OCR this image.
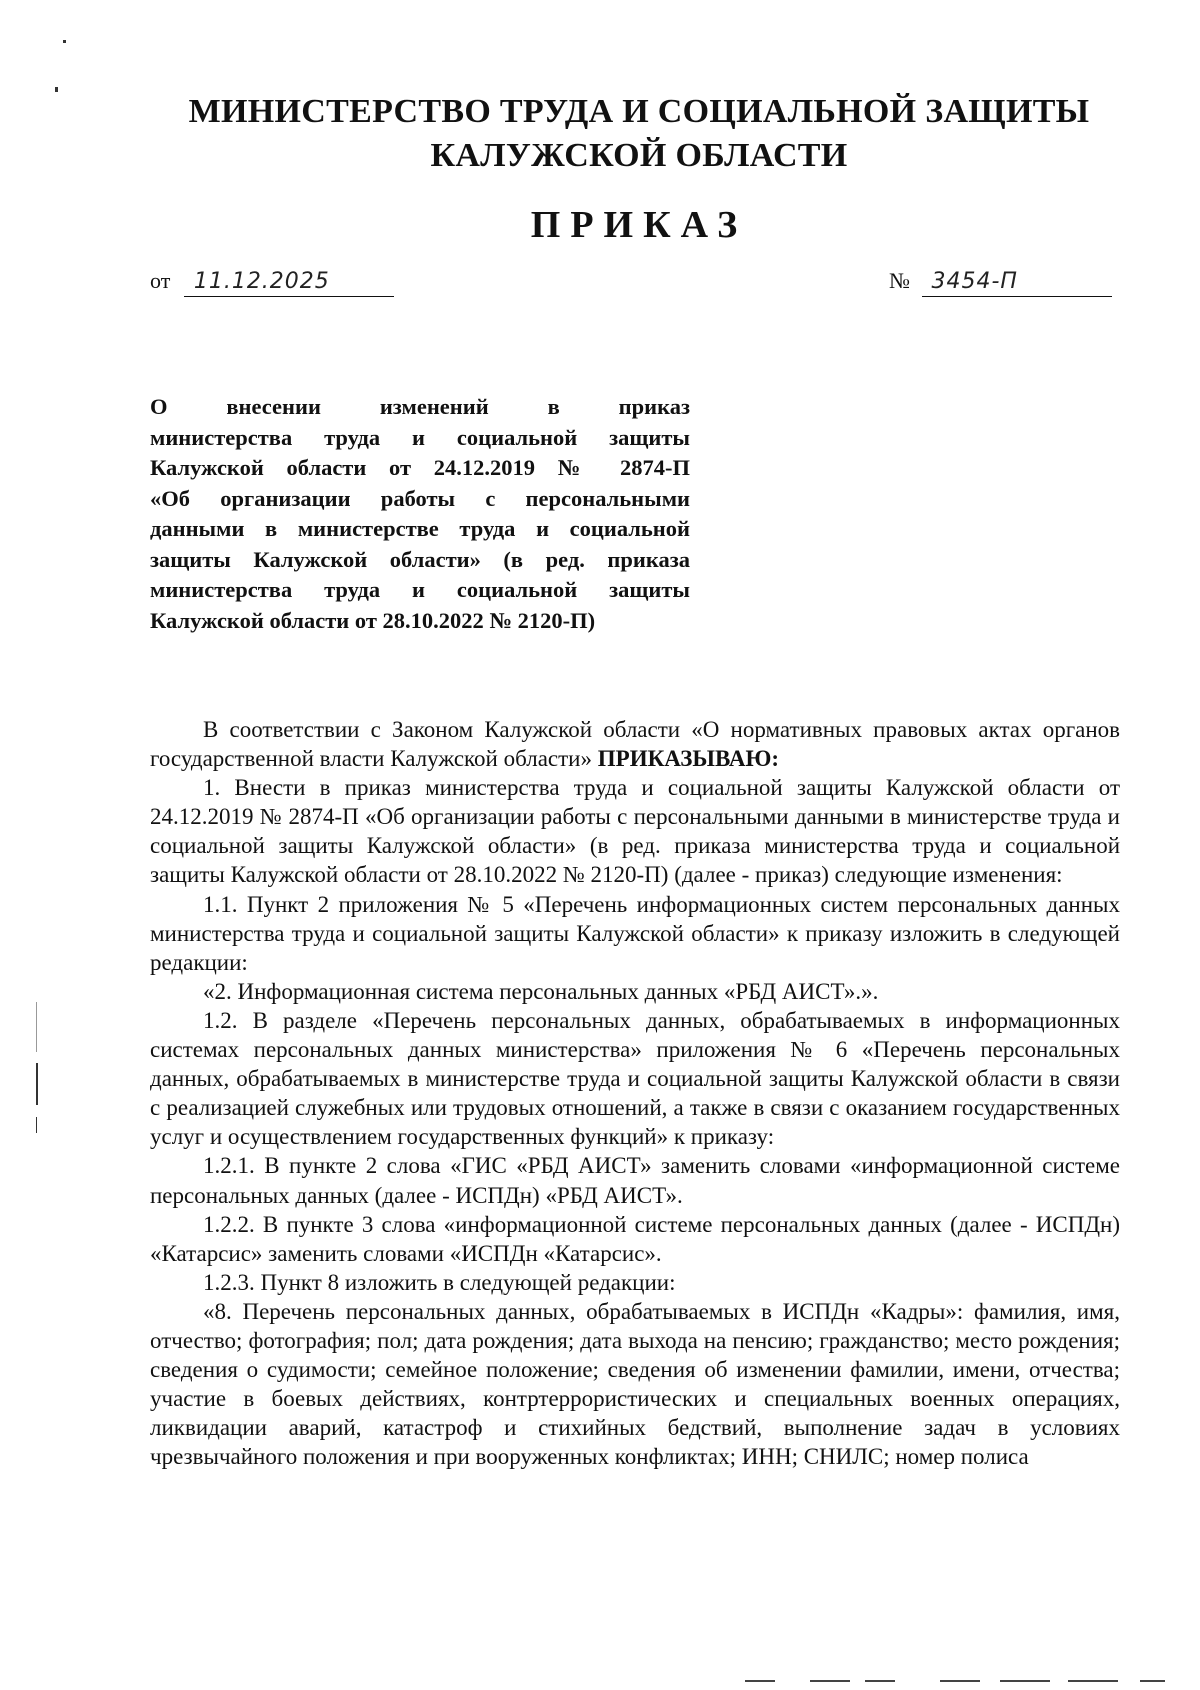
МИНИСТЕРСТВО ТРУДА И СОЦИАЛЬНОЙ ЗАЩИТЫ
КАЛУЖСКОЙ ОБЛАСТИ
ПРИКАЗ
от 11.12.2025	№ 3454-П
О внесении изменений в приказ
министерства труда и социальной защиты
Калужской области от 24.12.2019 № 2874-П
«Об организации работы с персональными
данными в министерстве труда и социальной
защиты Калужской области» (в ред. приказа
министерства труда и социальной защиты
Калужской области от 28.10.2022 № 2120-П)

В соответствии с Законом Калужской области «О нормативных правовых актах органов государственной власти Калужской области» ПРИКАЗЫВАЮ:

1. Внести в приказ министерства труда и социальной защиты Калужской области от 24.12.2019 № 2874-П «Об организации работы с персональными данными в министерстве труда и социальной защиты Калужской области» (в ред. приказа министерства труда и социальной защиты Калужской области от 28.10.2022 № 2120-П) (далее - приказ) следующие изменения:

1.1. Пункт 2 приложения № 5 «Перечень информационных систем персональных данных министерства труда и социальной защиты Калужской области» к приказу изложить в следующей редакции:

«2. Информационная система персональных данных «РБД АИСТ».».

1.2. В разделе «Перечень персональных данных, обрабатываемых в информационных системах персональных данных министерства» приложения № 6 «Перечень персональных данных, обрабатываемых в министерстве труда и социальной защиты Калужской области в связи с реализацией служебных или трудовых отношений, а также в связи с оказанием государственных услуг и осуществлением государственных функций» к приказу:

1.2.1. В пункте 2 слова «ГИС «РБД АИСТ» заменить словами «информационной системе персональных данных (далее - ИСПДн) «РБД АИСТ».

1.2.2. В пункте 3 слова «информационной системе персональных данных (далее - ИСПДн) «Катарсис» заменить словами «ИСПДн «Катарсис».

1.2.3. Пункт 8 изложить в следующей редакции:

«8. Перечень персональных данных, обрабатываемых в ИСПДн «Кадры»: фамилия, имя, отчество; фотография; пол; дата рождения; дата выхода на пенсию; гражданство; место рождения; сведения о судимости; семейное положение; сведения об изменении фамилии, имени, отчества; участие в боевых действиях, контртеррористических и специальных военных операциях, ликвидации аварий, катастроф и стихийных бедствий, выполнение задач в условиях чрезвычайного положения и при вооруженных конфликтах; ИНН; СНИЛС; номер полиса
